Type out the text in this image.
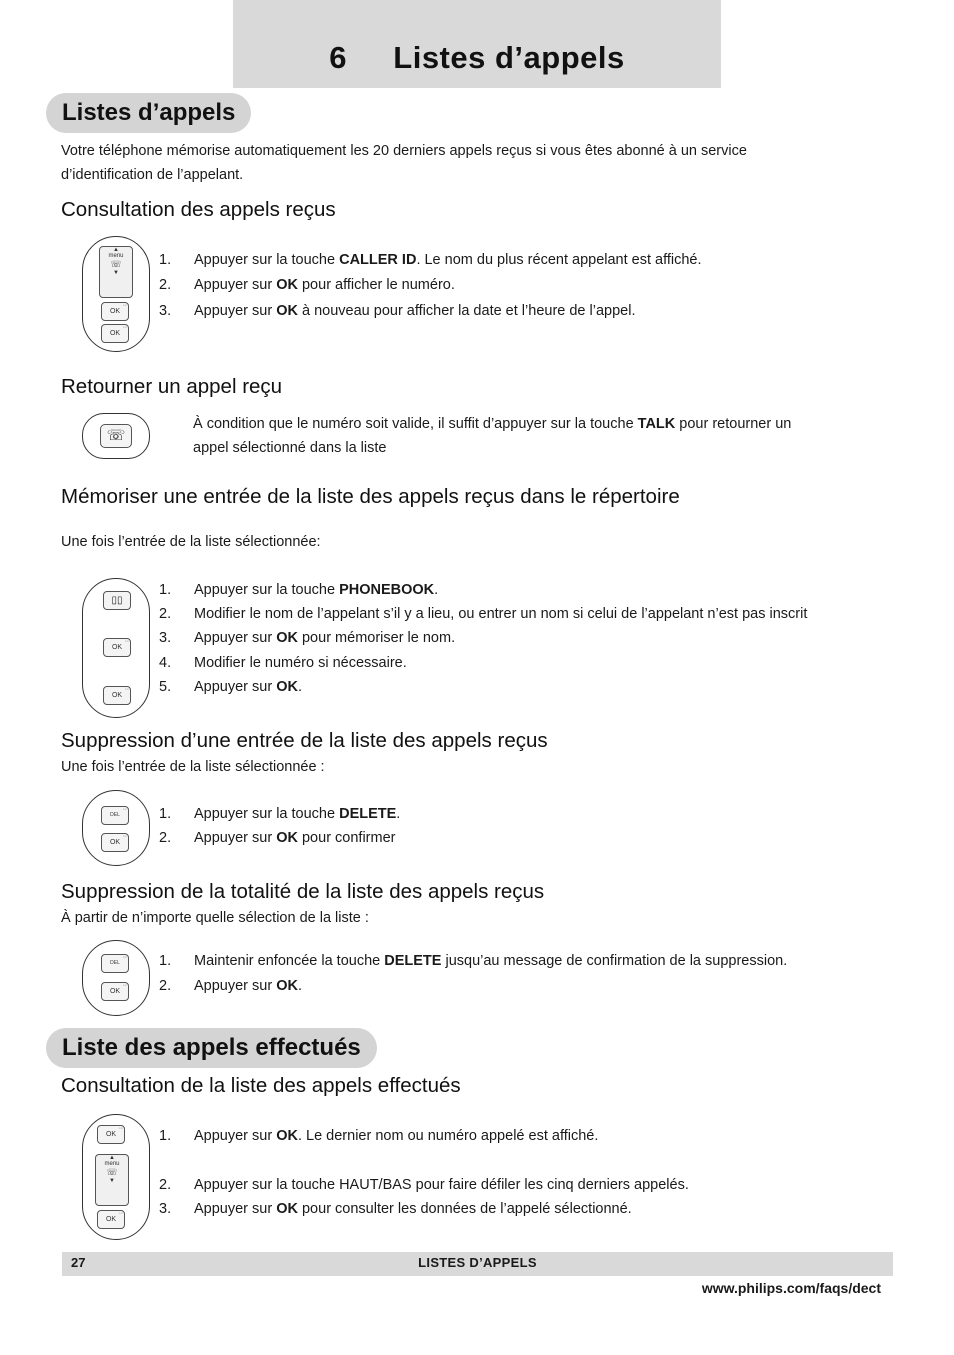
6 Listes d’appels
Listes d’appels
Votre téléphone mémorise automatiquement les 20 derniers appels reçus si vous êtes abonné à un service
d’identification de l’appelant.
Consultation des appels reçus
▲
menu
☏
▼
OK ◦◦
OK ◦◦
1. Appuyer sur la touche CALLER ID. Le nom du plus récent appelant est affiché.
2. Appuyer sur OK pour afficher le numéro.
3. Appuyer sur OK à nouveau pour afficher la date et l’heure de l’appel.
Retourner un appel reçu
☏
À condition que le numéro soit valide, il suffit d’appuyer sur la touche TALK pour retourner un
appel sélectionné dans la liste
Mémoriser une entrée de la liste des appels reçus dans le répertoire
Une fois l’entrée de la liste sélectionnée:
▯▯
OK ◦◦
OK ◦◦
1. Appuyer sur la touche PHONEBOOK.
2. Modifier le nom de l’appelant s’il y a lieu, ou entrer un nom si celui de l’appelant n’est pas inscrit
3. Appuyer sur OK pour mémoriser le nom.
4. Modifier le numéro si nécessaire.
5. Appuyer sur OK.
Suppression d’une entrée de la liste des appels reçus
Une fois l’entrée de la liste sélectionnée :
DEL ◦◦
OK ◦◦
1. Appuyer sur la touche DELETE.
2. Appuyer sur OK pour confirmer
Suppression de la totalité de la liste des appels reçus
À partir de n’importe quelle sélection de la liste :
DEL ◦◦
OK ◦◦
1. Maintenir enfoncée la touche DELETE jusqu’au message de confirmation de la suppression.
2. Appuyer sur OK.
Liste des appels effectués
Consultation de la liste des appels effectués
OK ◦◦
▲
menu
☏
▼
OK ◦◦
1. Appuyer sur OK. Le dernier nom ou numéro appelé est affiché.
2. Appuyer sur la touche HAUT/BAS pour faire défiler les cinq derniers appelés.
3. Appuyer sur OK pour consulter les données de l’appelé sélectionné.
LISTES D’APPELS
27
www.philips.com/faqs/dect
